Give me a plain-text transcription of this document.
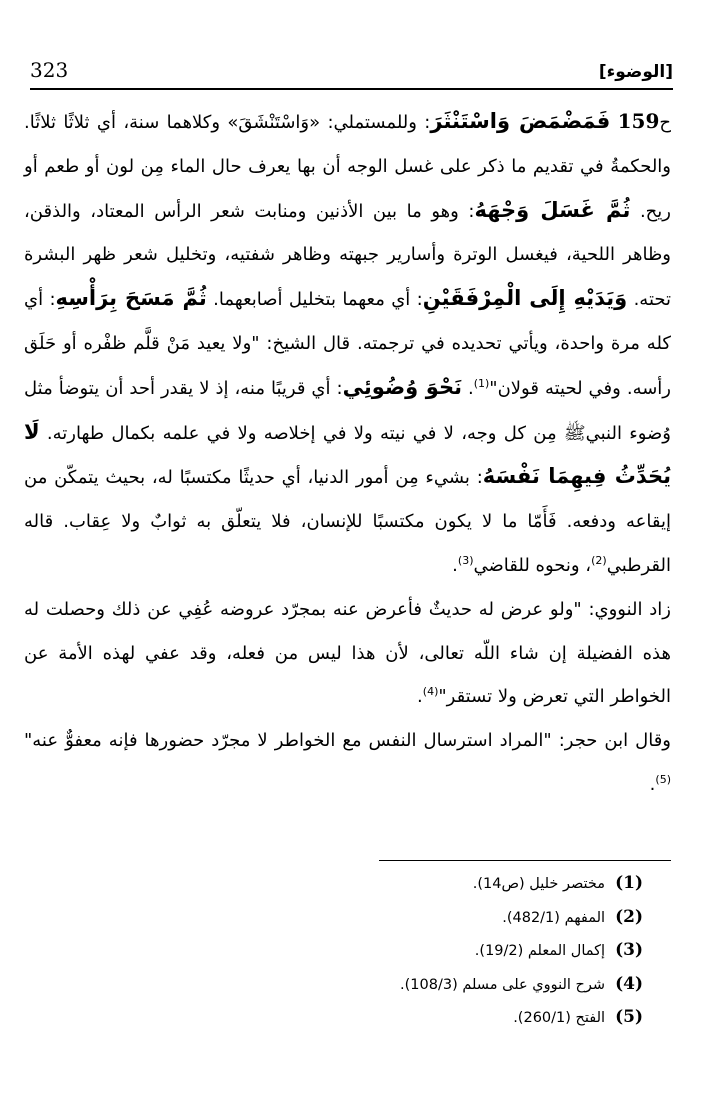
323	[الوضوء]

ح159 فَمَضْمَضَ وَاسْتَنْثَرَ: وللمستملي: «وَاسْتَنْشَقَ» وكلاهما سنة، أي ثلاثًا ثلاثًا. والحكمةُ في تقديم ما ذكر على غسل الوجه أن بها يعرف حال الماء مِن لون أو طعم أو ريح. ثُمَّ غَسَلَ وَجْهَهُ: وهو ما بين الأذنين ومنابت شعر الرأس المعتاد، والذقن، وظاهر اللحية، فيغسل الوترة وأسارير جبهته وظاهر شفتيه، وتخليل شعر ظهر البشرة تحته. وَيَدَيْهِ إِلَى الْمِرْفَقَيْنِ: أي معهما بتخليل أصابعهما. ثُمَّ مَسَحَ بِرَأْسِهِ: أي كله مرة واحدة، ويأتي تحديده في ترجمته. قال الشيخ: "ولا يعيد مَنْ قلَّم ظفْره أو حَلَق رأسه. وفي لحيته قولان"$^{(1)}$. نَحْوَ وُضُوئِي: أي قريبًا منه، إذ لا يقدر أحد أن يتوضأ مثل وُضوء النبيﷺ مِن كل وجه، لا في نيته ولا في إخلاصه ولا في علمه بكمال طهارته. لَا يُحَدِّثُ فِيهِمَا نَفْسَهُ: بشيء مِن أمور الدنيا، أي حديثًا مكتسبًا له، بحيث يتمكّن من إيقاعه ودفعه. فَأَمّا ما لا يكون مكتسبًا للإنسان، فلا يتعلّق به ثوابٌ ولا عِقاب. قاله القرطبي$^{(2)}$، ونحوه للقاضي$^{(3)}$.

زاد النووي: "ولو عرض له حديثٌ فأعرض عنه بمجرّد عروضه عُفِي عن ذلك وحصلت له هذه الفضيلة إن شاء اللّه تعالى، لأن هذا ليس من فعله، وقد عفي لهذه الأمة عن الخواطر التي تعرض ولا تستقر"$^{(4)}$.

وقال ابن حجر: "المراد استرسال النفس مع الخواطر لا مجرّد حضورها فإنه معفوٌّ عنه"$^{(5)}$.

(1)
مختصر خليل (ص14).
(2)
المفهم (482/1).
(3)
إكمال المعلم (19/2).
(4)
شرح النووي على مسلم (108/3).
(5)
الفتح (260/1).
